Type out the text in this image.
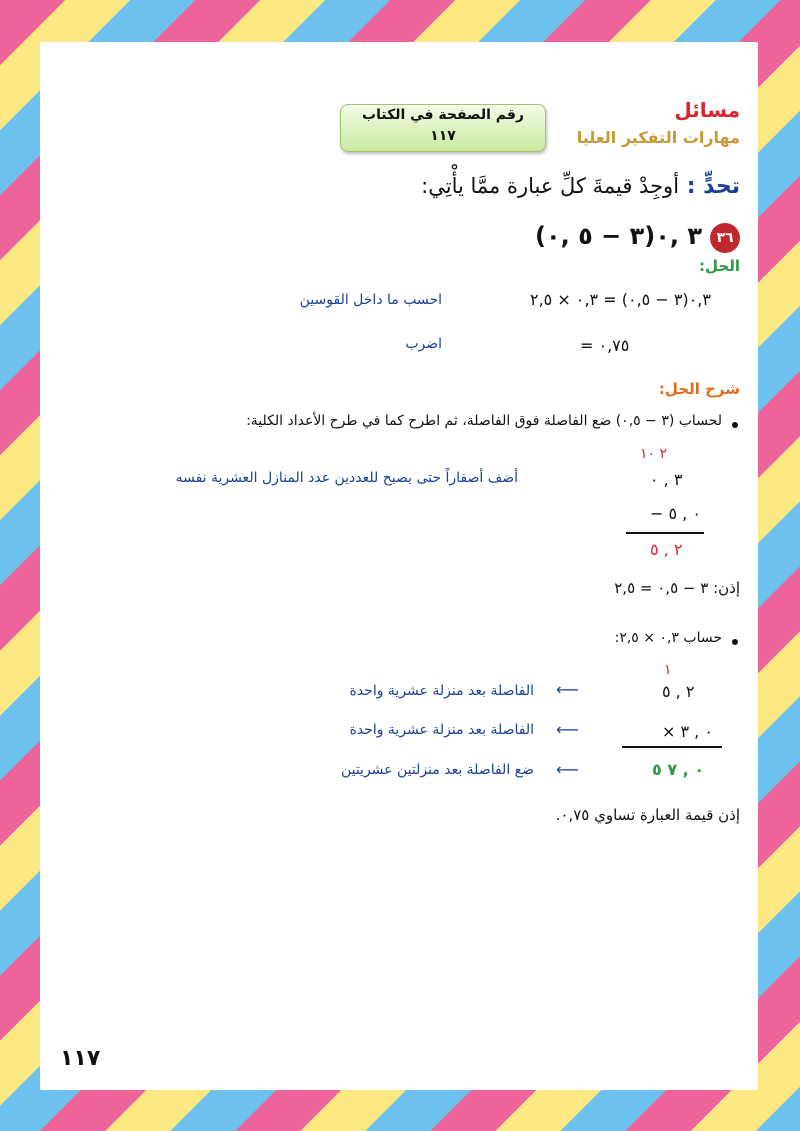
رقم الصفحة في الكتاب
١١٧
مسائل
مهارات التفكير العليا
تحدٍّ : أوجِدْ قيمةَ كلِّ عبارة ممَّا يأْتِي:
٣٦
٣ ,٠(٣ − ٥ ,٠)
الحل:
٠,٣(٣ − ٠,٥) = ٠,٣ × ٢,٥
احسب ما داخل القوسين
= ٠,٧٥
اضرب
شرح الحل:
لحساب (٣ − ٠,٥) ضع الفاصلة فوق الفاصلة، ثم اطرح كما في طرح الأعداد الكلية:
٢ ١٠
٣ , ٠
أضف أصفاراً حتى يصبح للعددين عدد المنازل العشرية نفسه
− ٠ , ٥
٢ , ٥
إذن: ٣ − ٠,٥ = ٢,٥
حساب ٠,٣ × ٢,٥:
١
٢ , ٥
⟵
الفاصلة بعد منزلة عشرية واحدة
× ٠ , ٣
⟵
الفاصلة بعد منزلة عشرية واحدة
٠ , ٧ ٥
⟵
ضع الفاصلة بعد منزلتين عشريتين
إذن قيمة العبارة تساوي ٠,٧٥.
١١٧
